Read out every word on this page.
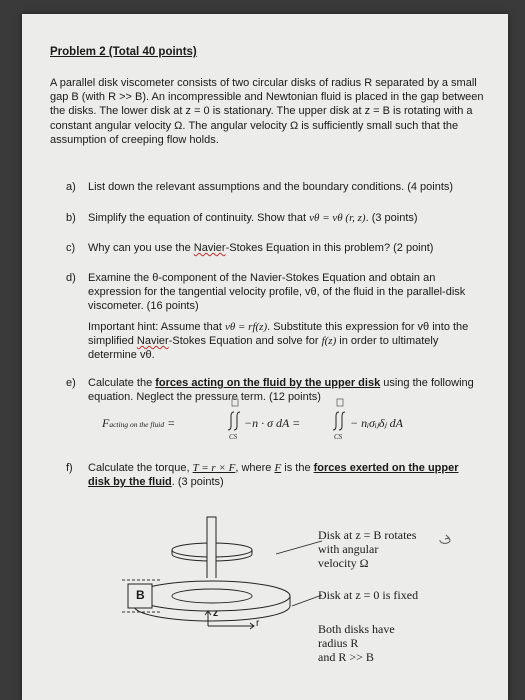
Problem 2 (Total 40 points)
A parallel disk viscometer consists of two circular disks of radius R separated by a small gap B (with R >> B). An incompressible and Newtonian fluid is placed in the gap between the disks. The lower disk at z = 0 is stationary. The upper disk at z = B is rotating with a constant angular velocity Ω. The angular velocity Ω is sufficiently small such that the assumption of creeping flow holds.
a) List down the relevant assumptions and the boundary conditions. (4 points)
b) Simplify the equation of continuity. Show that vθ = vθ (r, z). (3 points)
c) Why can you use the Navier-Stokes Equation in this problem? (2 point)
d) Examine the θ-component of the Navier-Stokes Equation and obtain an expression for the tangential velocity profile, vθ, of the fluid in the parallel-disk viscometer. (16 points)
Important hint: Assume that vθ = rf(z). Substitute this expression for vθ into the simplified Navier-Stokes Equation and solve for f(z) in order to ultimately determine vθ.
e) Calculate the forces acting on the fluid by the upper disk using the following equation. Neglect the pressure term. (12 points)
Facting on the fluid =	−n · σ dA =	− nᵢσᵢⱼδⱼ dA
CS	CS
f) Calculate the torque, T = r × F, where F is the forces exerted on the upper
disk by the fluid. (3 points)
B
z
r
Disk at z = B rotates
with angular
velocity Ω
Disk at z = 0 is fixed
Both disks have
radius R
and R >> B
